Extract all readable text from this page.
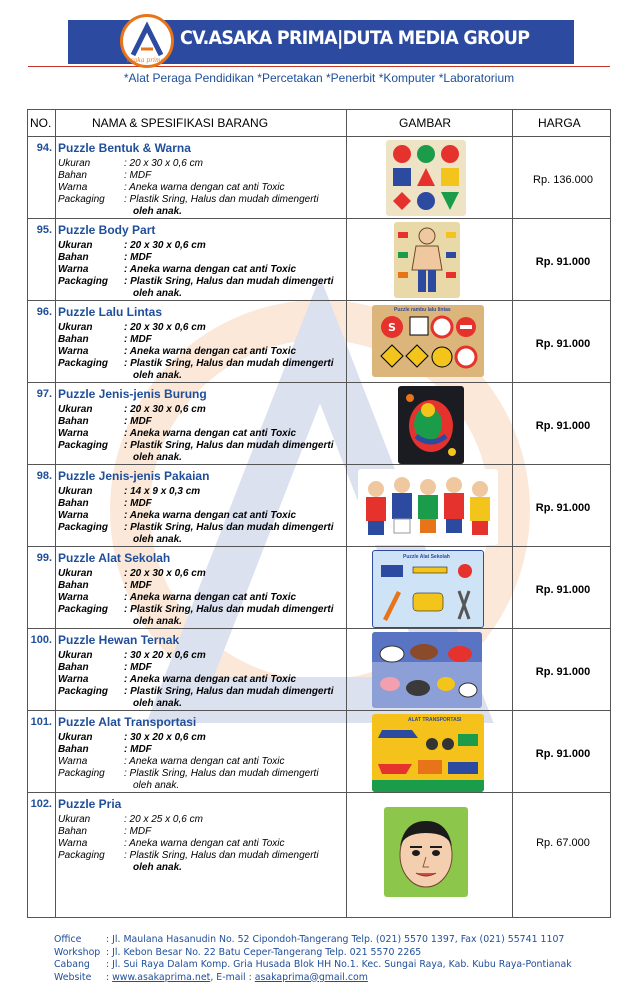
asaka prima
CV.ASAKA PRIMA|DUTA MEDIA GROUP
*Alat Peraga Pendidikan *Percetakan *Penerbit *Komputer *Laboratorium
NO.	NAMA & SPESIFIKASI BARANG	GAMBAR	HARGA
94. Puzzle Bentuk & Warna
Ukuran	: 20 x 30 x 0,6 cm
Bahan	: MDF
Warna	: Aneka warna dengan cat anti Toxic
Packaging : Plastik Sring, Halus dan mudah dimengerti
oleh anak.
Rp. 136.000
95. Puzzle Body Part
Ukuran	: 20 x 30 x 0,6 cm
Bahan	: MDF
Warna	: Aneka warna dengan cat anti Toxic
Packaging : Plastik Sring, Halus dan mudah dimengerti
oleh anak.
Rp. 91.000
96. Puzzle Lalu Lintas
Ukuran	: 20 x 30 x 0,6 cm
Bahan	: MDF
Warna	: Aneka warna dengan cat anti Toxic
Packaging : Plastik Sring, Halus dan mudah dimengerti
oleh anak.
Puzzle rambu lalu lintas
S
Rp. 91.000
97. Puzzle Jenis-jenis Burung
Ukuran	: 20 x 30 x 0,6 cm
Bahan	: MDF
Warna	: Aneka warna dengan cat anti Toxic
Packaging : Plastik Sring, Halus dan mudah dimengerti
oleh anak.
Rp. 91.000
98. Puzzle Jenis-jenis Pakaian
Ukuran	: 14 x 9 x 0,3 cm
Bahan	: MDF
Warna	: Aneka warna dengan cat anti Toxic
Packaging : Plastik Sring, Halus dan mudah dimengerti
oleh anak.
Rp. 91.000
99. Puzzle Alat Sekolah
Ukuran	: 20 x 30 x 0,6 cm
Bahan	: MDF
Warna	: Aneka warna dengan cat anti Toxic
Packaging : Plastik Sring, Halus dan mudah dimengerti
oleh anak.
Puzzle Alat Sekolah
Rp. 91.000
100. Puzzle Hewan Ternak
Ukuran	: 30 x 20 x 0,6 cm
Bahan	: MDF
Warna	: Aneka warna dengan cat anti Toxic
Packaging : Plastik Sring, Halus dan mudah dimengerti
oleh anak.
Rp. 91.000
101. Puzzle Alat Transportasi
Ukuran	: 30 x 20 x 0,6 cm
Bahan	: MDF
Warna	: Aneka warna dengan cat anti Toxic
Packaging : Plastik Sring, Halus dan mudah dimengerti
oleh anak.
ALAT TRANSPORTASI
Rp. 91.000
102. Puzzle Pria
Ukuran	: 20 x 25 x 0,6 cm
Bahan	: MDF
Warna	: Aneka warna dengan cat anti Toxic
Packaging : Plastik Sring, Halus dan mudah dimengerti
oleh anak.
Rp. 67.000
Office	: Jl. Maulana Hasanudin No. 52 Cipondoh-Tangerang Telp. (021) 5570 1397, Fax (021) 55741 1107
Workshop : Jl. Kebon Besar No. 22 Batu Ceper-Tangerang Telp. 021 5570 2265
Cabang : Jl. Sui Raya Dalam Komp. Gria Husada Blok HH No.1. Kec. Sungai Raya, Kab. Kubu Raya-Pontianak
Website : www.asakaprima.net, E-mail : asakaprima@gmail.com
